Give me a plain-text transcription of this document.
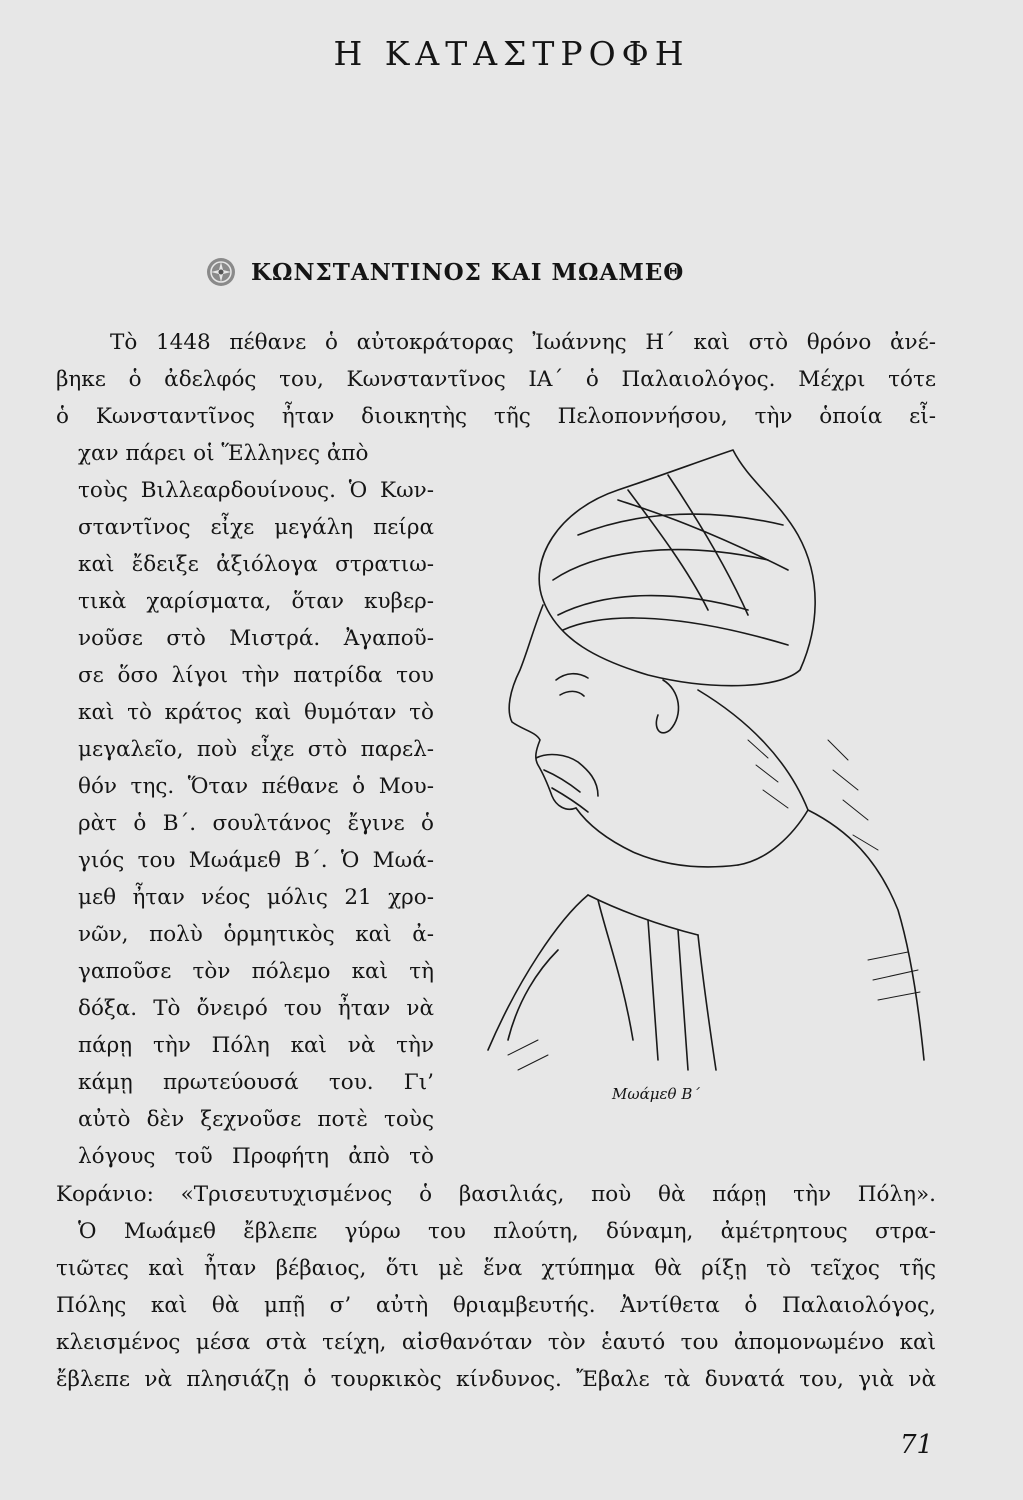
Η ΚΑΤΑΣΤΡΟΦΗ
ΚΩΝΣΤΑΝΤΙΝΟΣ ΚΑΙ ΜΩΑΜΕΘ
Τὸ 1448 πέθανε ὁ αὐτοκράτορας Ἰωάννης Η΄ καὶ στὸ θρόνο ἀνέ-
βηκε ὁ ἀδελφός του, Κωνσταντῖνος ΙΑ΄ ὁ Παλαιολόγος. Μέχρι τότε
ὁ Κωνσταντῖνος ἦταν διοικητὴς τῆς Πελοποννήσου, τὴν ὁποία εἶ-
χαν πάρει οἱ Ἕλληνες ἀπὸ
τοὺς Βιλλεαρδουίνους. Ὁ Κων-
σταντῖνος εἶχε μεγάλη πείρα
καὶ ἔδειξε ἀξιόλογα στρατιω-
τικὰ χαρίσματα, ὅταν κυβερ-
νοῦσε στὸ Μιστρά. Ἀγαποῦ-
σε ὅσο λίγοι τὴν πατρίδα του
καὶ τὸ κράτος καὶ θυμόταν τὸ
μεγαλεῖο, ποὺ εἶχε στὸ παρελ-
θόν της. Ὅταν πέθανε ὁ Μου-
ρὰτ ὁ Β΄. σουλτάνος ἔγινε ὁ
γιός του Μωάμεθ Β΄. Ὁ Μωά-
μεθ ἦταν νέος μόλις 21 χρο-
νῶν, πολὺ ὁρμητικὸς καὶ ἀ-
γαποῦσε τὸν πόλεμο καὶ τὴ
δόξα. Τὸ ὄνειρό του ἦταν νὰ
πάρῃ τὴν Πόλη καὶ νὰ τὴν
κάμῃ πρωτεύουσά του. Γι’
αὐτὸ δὲν ξεχνοῦσε ποτὲ τοὺς
λόγους τοῦ Προφήτη ἀπὸ τὸ
Μωάμεθ Β΄
Κοράνιο: «Τρισευτυχισμένος ὁ βασιλιάς, ποὺ θὰ πάρῃ τὴν Πόλη».
Ὁ Μωάμεθ ἔβλεπε γύρω του πλούτη, δύναμη, ἀμέτρητους στρα-
τιῶτες καὶ ἦταν βέβαιος, ὅτι μὲ ἕνα χτύπημα θὰ ρίξῃ τὸ τεῖχος τῆς
Πόλης καὶ θὰ μπῇ σ’ αὐτὴ θριαμβευτής. Ἀντίθετα ὁ Παλαιολόγος,
κλεισμένος μέσα στὰ τείχη, αἰσθανόταν τὸν ἑαυτό του ἀπομονωμένο καὶ
ἔβλεπε νὰ πλησιάζῃ ὁ τουρκικὸς κίνδυνος. Ἔβαλε τὰ δυνατά του, γιὰ νὰ
71
